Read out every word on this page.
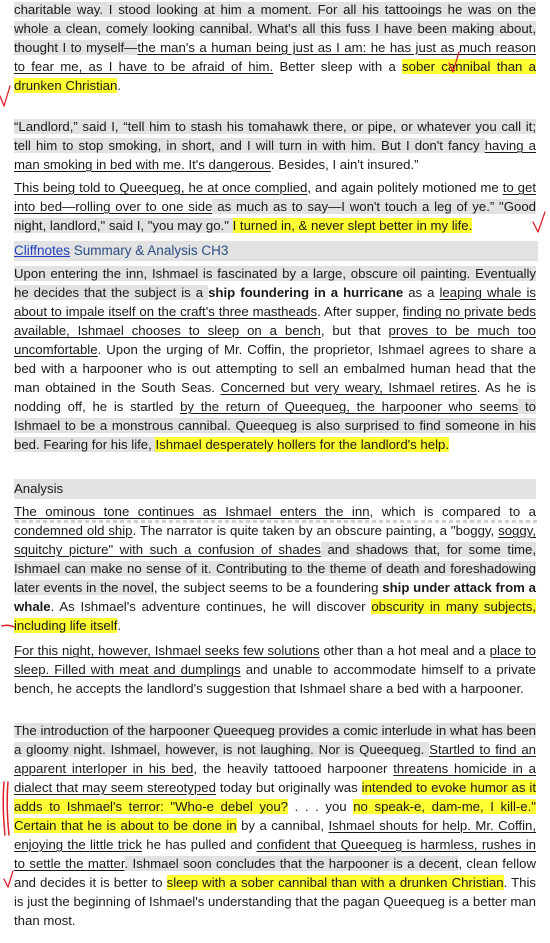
charitable way. I stood looking at him a moment. For all his tattooings he was on the whole a clean, comely looking cannibal. What's all this fuss I have been making about, thought I to myself—the man's a human being just as I am: he has just as much reason to fear me, as I have to be afraid of him. Better sleep with a sober cannibal than a drunken Christian.
“Landlord,” said I, “tell him to stash his tomahawk there, or pipe, or whatever you call it; tell him to stop smoking, in short, and I will turn in with him. But I don't fancy having a man smoking in bed with me. It's dangerous. Besides, I ain't insured.”
This being told to Queequeg, he at once complied, and again politely motioned me to get into bed—rolling over to one side as much as to say—I won't touch a leg of ye.” "Good night, landlord," said I, "you may go." I turned in, & never slept better in my life.
Cliffnotes Summary & Analysis CH3
Upon entering the inn, Ishmael is fascinated by a large, obscure oil painting. Eventually he decides that the subject is a ship foundering in a hurricane as a leaping whale is about to impale itself on the craft's three mastheads. After supper, finding no private beds available, Ishmael chooses to sleep on a bench, but that proves to be much too uncomfortable. Upon the urging of Mr. Coffin, the proprietor, Ishmael agrees to share a bed with a harpooner who is out attempting to sell an embalmed human head that the man obtained in the South Seas. Concerned but very weary, Ishmael retires. As he is nodding off, he is startled by the return of Queequeg, the harpooner who seems to Ishmael to be a monstrous cannibal. Queequeg is also surprised to find someone in his bed. Fearing for his life, Ishmael desperately hollers for the landlord's help.
Analysis
The ominous tone continues as Ishmael enters the inn, which is compared to a condemned old ship. The narrator is quite taken by an obscure painting, a "boggy, soggy, squitchy picture" with such a confusion of shades and shadows that, for some time, Ishmael can make no sense of it. Contributing to the theme of death and foreshadowing later events in the novel, the subject seems to be a foundering ship under attack from a whale. As Ishmael's adventure continues, he will discover obscurity in many subjects, including life itself.
For this night, however, Ishmael seeks few solutions other than a hot meal and a place to sleep. Filled with meat and dumplings and unable to accommodate himself to a private bench, he accepts the landlord's suggestion that Ishmael share a bed with a harpooner.
The introduction of the harpooner Queequeg provides a comic interlude in what has been a gloomy night. Ishmael, however, is not laughing. Nor is Queequeg. Startled to find an apparent interloper in his bed, the heavily tattooed harpooner threatens homicide in a dialect that may seem stereotyped today but originally was intended to evoke humor as it adds to Ishmael's terror: "Who-e debel you? . . . you no speak-e, dam-me, I kill-e." Certain that he is about to be done in by a cannibal, Ishmael shouts for help. Mr. Coffin, enjoying the little trick he has pulled and confident that Queequeg is harmless, rushes in to settle the matter. Ishmael soon concludes that the harpooner is a decent, clean fellow and decides it is better to sleep with a sober cannibal than with a drunken Christian. This is just the beginning of Ishmael's understanding that the pagan Queequeg is a better man than most.
